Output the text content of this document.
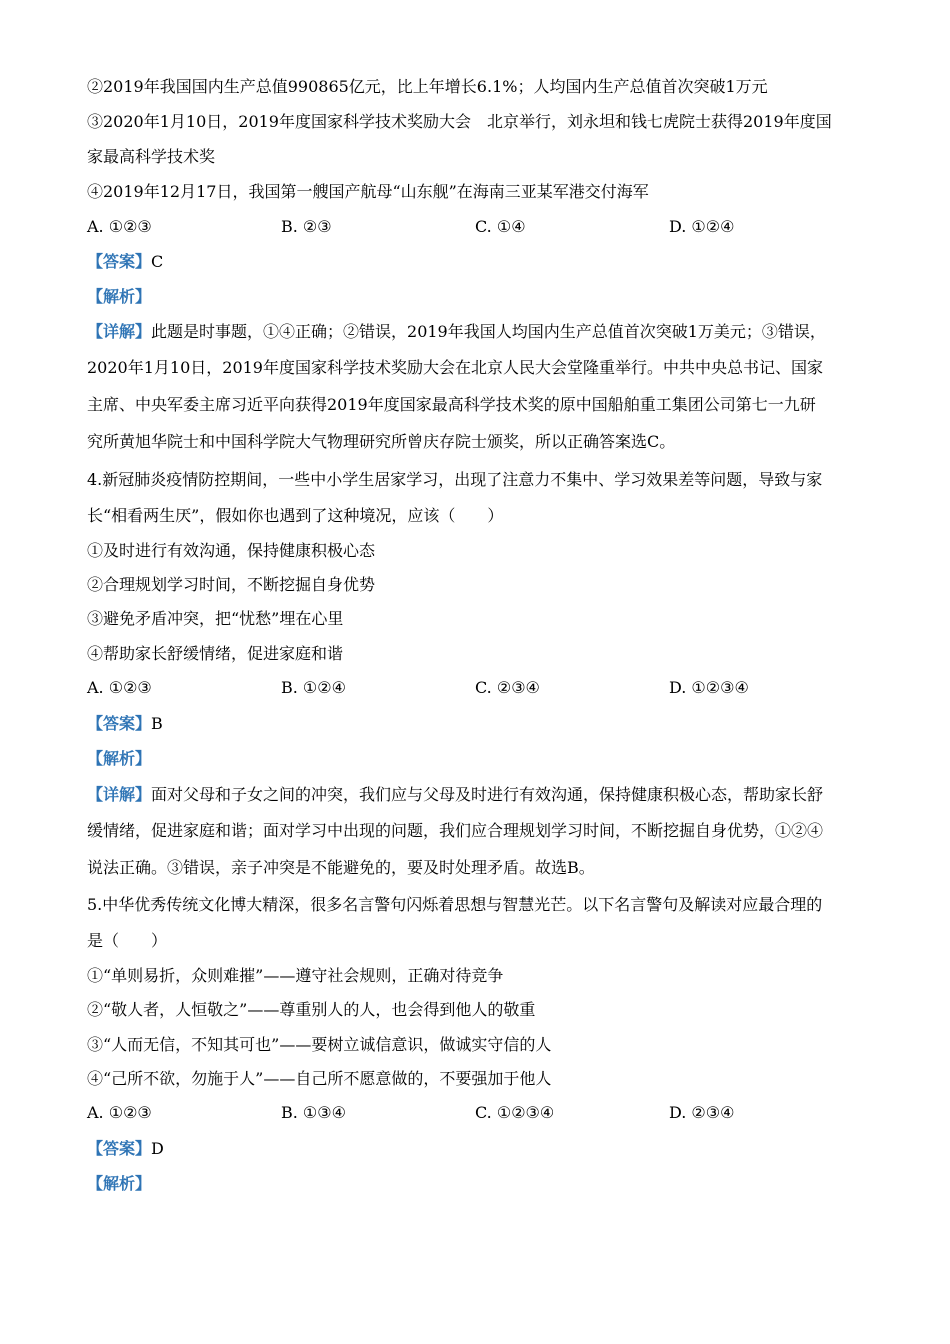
②2019年我国国内生产总值990865亿元，比上年增长6.1%；人均国内生产总值首次突破1万元
③2020年1月10日，2019年度国家科学技术奖励大会　北京举行，刘永坦和钱七虎院士获得2019年度国
家最高科学技术奖
④2019年12月17日，我国第一艘国产航母“山东舰”在海南三亚某军港交付海军
A. ①②③	B. ②③	C. ①④	D. ①②④
【答案】C
【解析】
【详解】此题是时事题，①④正确；②错误，2019年我国人均国内生产总值首次突破1万美元；③错误，
2020年1月10日，2019年度国家科学技术奖励大会在北京人民大会堂隆重举行。中共中央总书记、国家
主席、中央军委主席习近平向获得2019年度国家最高科学技术奖的原中国船舶重工集团公司第七一九研
究所黄旭华院士和中国科学院大气物理研究所曾庆存院士颁奖，所以正确答案选C。
4.新冠肺炎疫情防控期间，一些中小学生居家学习，出现了注意力不集中、学习效果差等问题，导致与家
长“相看两生厌”，假如你也遇到了这种境况，应该（　　）
①及时进行有效沟通，保持健康积极心态
②合理规划学习时间，不断挖掘自身优势
③避免矛盾冲突，把“忧愁”埋在心里
④帮助家长舒缓情绪，促进家庭和谐
A. ①②③	B. ①②④	C. ②③④	D. ①②③④
【答案】B
【解析】
【详解】面对父母和子女之间的冲突，我们应与父母及时进行有效沟通，保持健康积极心态，帮助家长舒
缓情绪，促进家庭和谐；面对学习中出现的问题，我们应合理规划学习时间，不断挖掘自身优势，①②④
说法正确。③错误，亲子冲突是不能避免的，要及时处理矛盾。故选B。
5.中华优秀传统文化博大精深，很多名言警句闪烁着思想与智慧光芒。以下名言警句及解读对应最合理的
是（　　）
①“单则易折，众则难摧”——遵守社会规则，正确对待竞争
②“敬人者，人恒敬之”——尊重别人的人，也会得到他人的敬重
③“人而无信，不知其可也”——要树立诚信意识，做诚实守信的人
④“己所不欲，勿施于人”——自己所不愿意做的，不要强加于他人
A. ①②③	B. ①③④	C. ①②③④	D. ②③④
【答案】D
【解析】
